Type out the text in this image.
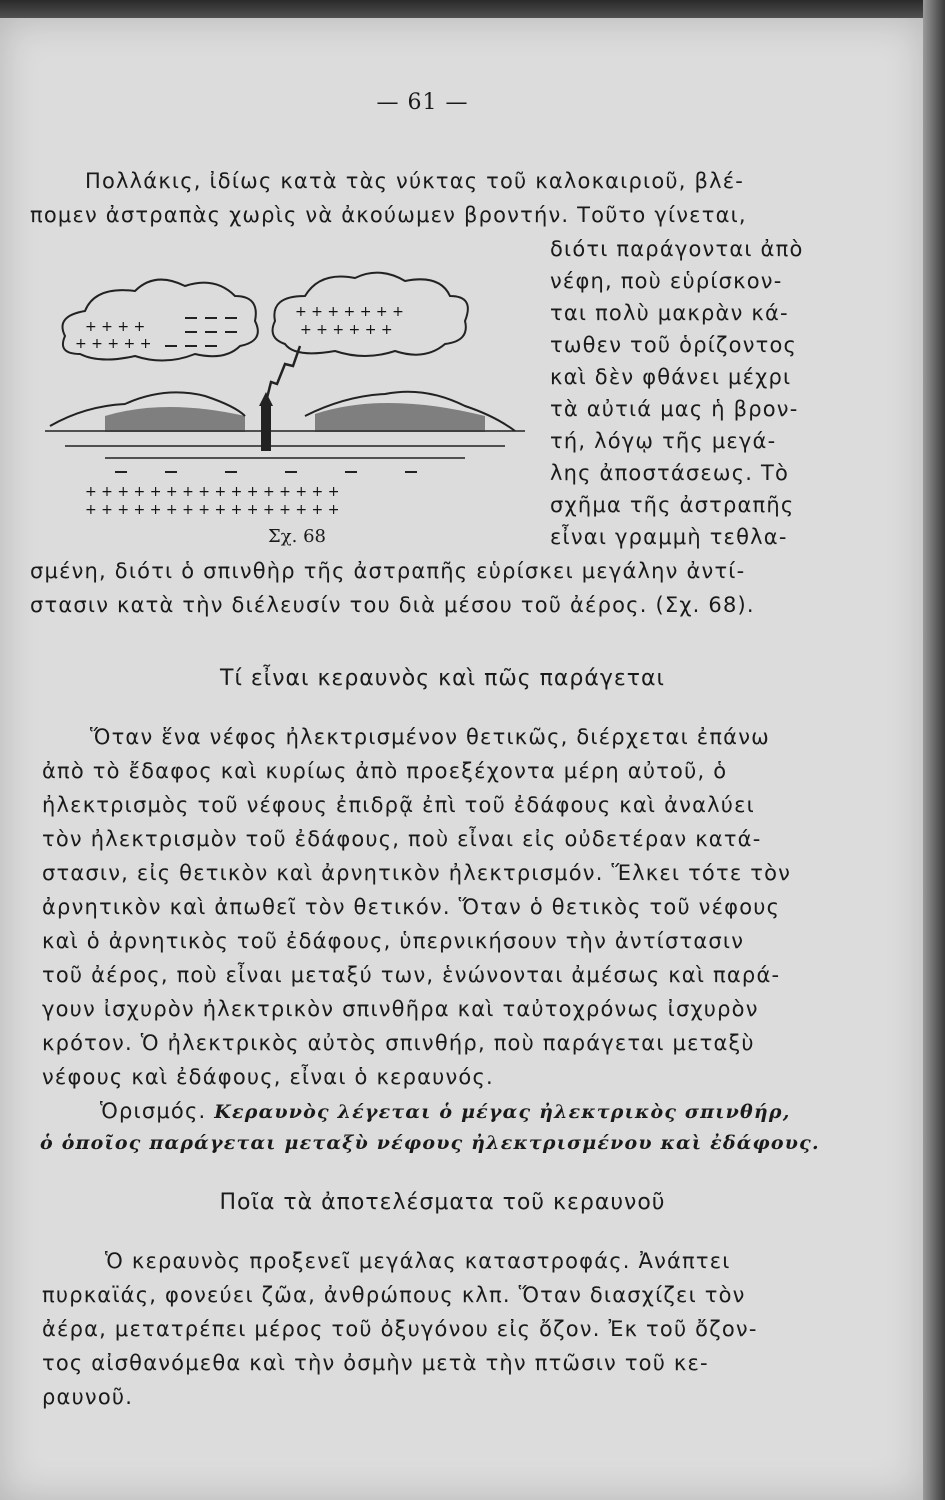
— 61 —
Πολλάκις, ἰδίως κατὰ τὰς νύκτας τοῦ καλοκαιριοῦ, βλέ-
πομεν ἀστραπὰς χωρὶς νὰ ἀκούωμεν βροντήν. Τοῦτο γίνεται,
διότι παράγονται ἀπὸ
νέφη, ποὺ εὑρίσκον-
ται πολὺ μακρὰν κά-
τωθεν τοῦ ὁρίζοντος
καὶ δὲν φθάνει μέχρι
τὰ αὐτιά μας ἡ βρον-
τή, λόγῳ τῆς μεγά-
λης ἀποστάσεως. Τὸ
σχῆμα τῆς ἀστραπῆς
εἶναι γραμμὴ τεθλα-
σμένη, διότι ὁ σπινθὴρ τῆς ἀστραπῆς εὑρίσκει μεγάλην ἀντί-
στασιν κατὰ τὴν διέλευσίν του διὰ μέσου τοῦ ἀέρος. (Σχ. 68).
+ + + +
+ + + + +
+ + + + + + +
+ + + + + +
+ + + + + + + + + + + + + + + +
+ + + + + + + + + + + + + + + +
Σχ. 68
Τί εἶναι κεραυνὸς καὶ πῶς παράγεται
Ὅταν ἕνα νέφος ἠλεκτρισμένον θετικῶς, διέρχεται ἐπάνω
ἀπὸ τὸ ἔδαφος καὶ κυρίως ἀπὸ προεξέχοντα μέρη αὐτοῦ, ὁ
ἠλεκτρισμὸς τοῦ νέφους ἐπιδρᾷ ἐπὶ τοῦ ἐδάφους καὶ ἀναλύει
τὸν ἠλεκτρισμὸν τοῦ ἐδάφους, ποὺ εἶναι εἰς οὐδετέραν κατά-
στασιν, εἰς θετικὸν καὶ ἀρνητικὸν ἠλεκτρισμόν. Ἕλκει τότε τὸν
ἀρνητικὸν καὶ ἀπωθεῖ τὸν θετικόν. Ὅταν ὁ θετικὸς τοῦ νέφους
καὶ ὁ ἀρνητικὸς τοῦ ἐδάφους, ὑπερνικήσουν τὴν ἀντίστασιν
τοῦ ἀέρος, ποὺ εἶναι μεταξύ των, ἑνώνονται ἀμέσως καὶ παρά-
γουν ἰσχυρὸν ἠλεκτρικὸν σπινθῆρα καὶ ταὐτοχρόνως ἰσχυρὸν
κρότον. Ὁ ἠλεκτρικὸς αὐτὸς σπινθήρ, ποὺ παράγεται μεταξὺ
νέφους καὶ ἐδάφους, εἶναι ὁ κεραυνός.
Ὁρισμός. Κεραυνὸς λέγεται ὁ μέγας ἠλεκτρικὸς σπινθήρ,
ὁ ὁποῖος παράγεται μεταξὺ νέφους ἠλεκτρισμένου καὶ ἐδάφους.
Ποῖα τὰ ἀποτελέσματα τοῦ κεραυνοῦ
Ὁ κεραυνὸς προξενεῖ μεγάλας καταστροφάς. Ἀνάπτει
πυρκαϊάς, φονεύει ζῶα, ἀνθρώπους κλπ. Ὅταν διασχίζει τὸν
ἀέρα, μετατρέπει μέρος τοῦ ὀξυγόνου εἰς ὄζον. Ἐκ τοῦ ὄζον-
τος αἰσθανόμεθα καὶ τὴν ὀσμὴν μετὰ τὴν πτῶσιν τοῦ κε-
ραυνοῦ.
